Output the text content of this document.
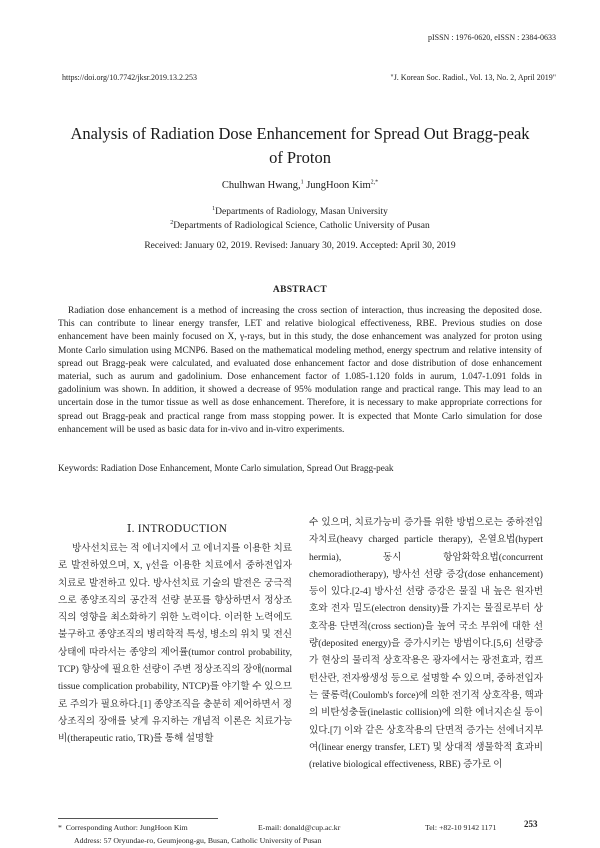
pISSN : 1976-0620, eISSN : 2384-0633
https://doi.org/10.7742/jksr.2019.13.2.253	"J. Korean Soc. Radiol., Vol. 13, No. 2, April 2019"
Analysis of Radiation Dose Enhancement for Spread Out Bragg-peak
of Proton
Chulhwan Hwang,$^1$ JungHoon Kim$^{2,*}$
$^1$Departments of Radiology, Masan University
$^2$Departments of Radiological Science, Catholic University of Pusan
Received: January 02, 2019. Revised: January 30, 2019. Accepted: April 30, 2019
ABSTRACT
Radiation dose enhancement is a method of increasing the cross section of interaction, thus increasing the deposited dose. This can contribute to linear energy transfer, LET and relative biological effectiveness, RBE. Previous studies on dose enhancement have been mainly focused on X, γ-rays, but in this study, the dose enhancement was analyzed for proton using Monte Carlo simulation using MCNP6. Based on the mathematical modeling method, energy spectrum and relative intensity of spread out Bragg-peak were calculated, and evaluated dose enhancement factor and dose distribution of dose enhancement material, such as aurum and gadolinium. Dose enhancement factor of 1.085-1.120 folds in aurum, 1.047-1.091 folds in gadolinium was shown. In addition, it showed a decrease of 95% modulation range and practical range. This may lead to an uncertain dose in the tumor tissue as well as dose enhancement. Therefore, it is necessary to make appropriate corrections for spread out Bragg-peak and practical range from mass stopping power. It is expected that Monte Carlo simulation for dose enhancement will be used as basic data for in-vivo and in-vitro experiments.
Keywords: Radiation Dose Enhancement, Monte Carlo simulation, Spread Out Bragg-peak
Ⅰ. INTRODUCTION
방사선치료는 적 에너지에서 고 에너지를 이용한 치료로 발전하였으며, X, γ선을 이용한 치료에서 중하전입자 치료로 발전하고 있다. 방사선치료 기술의 발전은 궁극적으로 종양조직의 공간적 선량 분포를 향상하면서 정상조직의 영향을 최소화하기 위한 노력이다. 이러한 노력에도 불구하고 종양조직의 병리학적 특성, 병소의 위치 및 전신 상태에 따라서는 종양의 제어률(tumor control probability, TCP) 향상에 필요한 선량이 주변 정상조직의 장애(normal tissue complication probability, NTCP)를 야기할 수 있으므로 주의가 필요하다.[1] 종양조직을 충분히 제어하면서 정상조직의 장애를 낮게 유지하는 개념적 이론은 치료가능비(therapeutic ratio, TR)를 통해 설명할
수 있으며, 치료가능비 증가를 위한 방법으로는 중하전입자치료(heavy charged particle therapy), 온열요법(hypert hermia), 동시 항암화학요법(concurrent chemoradiotherapy), 방사선 선량 증강(dose enhancement) 등이 있다.[2-4] 방사선 선량 증강은 물질 내 높은 원자번호와 전자 밀도(electron density)를 가지는 물질로부터 상호작용 단면적(cross section)을 높여 국소 부위에 대한 선량(deposited energy)을 증가시키는 방법이다.[5,6] 선량증가 현상의 물리적 상호작용은 광자에서는 광전효과, 컴프턴산란, 전자쌍생성 등으로 설명할 수 있으며, 중하전입자는 쿨롱력(Coulomb's force)에 의한 전기적 상호작용, 핵과의 비탄성충돌(inelastic collision)에 의한 에너지손실 등이 있다.[7] 이와 같은 상호작용의 단면적 증가는 선에너지부여(linear energy transfer, LET) 및 상대적 생물학적 효과비(relative biological effectiveness, RBE) 증가로 이
*  Corresponding Author: JungHoon Kim	E-mail: donald@cup.ac.kr	Tel: +82-10 9142 1171	253
Address: 57 Oryundae-ro, Geumjeong-gu, Busan, Catholic University of Pusan
